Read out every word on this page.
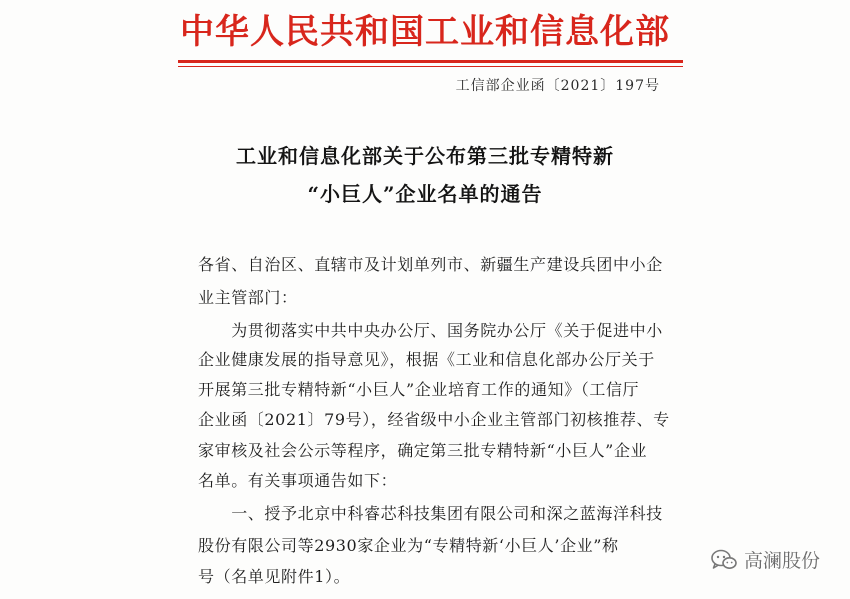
中华人民共和国工业和信息化部
工信部企业函〔2021〕197号
工业和信息化部关于公布第三批专精特新
“小巨人”企业名单的通告
各省、自治区、直辖市及计划单列市、新疆生产建设兵团中小企
业主管部门：
　　为贯彻落实中共中央办公厅、国务院办公厅《关于促进中小
企业健康发展的指导意见》，根据《工业和信息化部办公厅关于
开展第三批专精特新“小巨人”企业培育工作的通知》（工信厅
企业函〔2021〕79号），经省级中小企业主管部门初核推荐、专
家审核及社会公示等程序，确定第三批专精特新“小巨人”企业
名单。有关事项通告如下：
　　一、授予北京中科睿芯科技集团有限公司和深之蓝海洋科技
股份有限公司等2930家企业为“专精特新‘小巨人’企业”称
号（名单见附件1）。
高澜股份
